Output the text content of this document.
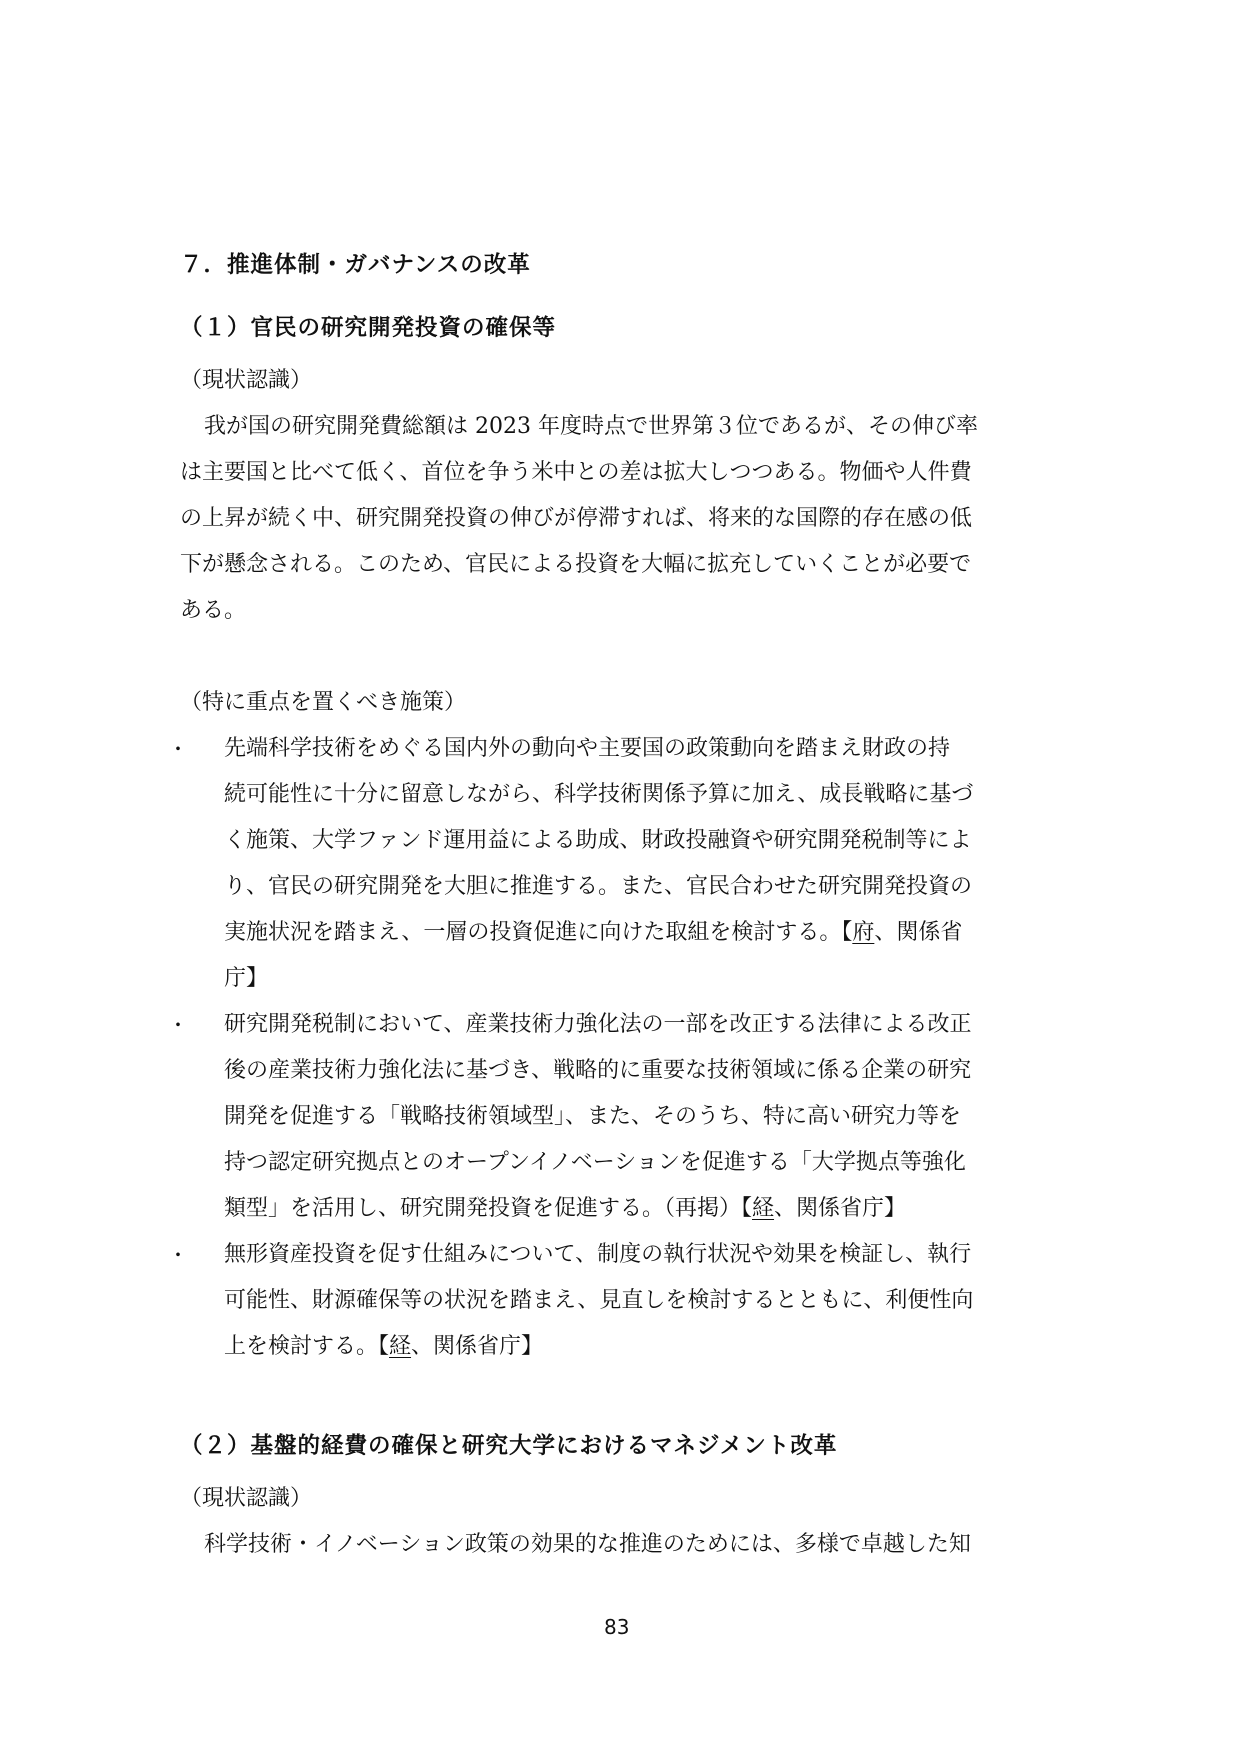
７．推進体制・ガバナンスの改革
（１）官民の研究開発投資の確保等
（現状認識）
我が国の研究開発費総額は 2023 年度時点で世界第３位であるが、その伸び率
は主要国と比べて低く、首位を争う米中との差は拡大しつつある。物価や人件費
の上昇が続く中、研究開発投資の伸びが停滞すれば、将来的な国際的存在感の低
下が懸念される。このため、官民による投資を大幅に拡充していくことが必要で
ある。
（特に重点を置くべき施策）
・ 先端科学技術をめぐる国内外の動向や主要国の政策動向を踏まえ財政の持
続可能性に十分に留意しながら、科学技術関係予算に加え、成長戦略に基づ
く施策、大学ファンド運用益による助成、財政投融資や研究開発税制等によ
り、官民の研究開発を大胆に推進する。また、官民合わせた研究開発投資の
実施状況を踏まえ、一層の投資促進に向けた取組を検討する。【府、関係省
庁】
・ 研究開発税制において、産業技術力強化法の一部を改正する法律による改正
後の産業技術力強化法に基づき、戦略的に重要な技術領域に係る企業の研究
開発を促進する「戦略技術領域型」、また、そのうち、特に高い研究力等を
持つ認定研究拠点とのオープンイノベーションを促進する「大学拠点等強化
類型」を活用し、研究開発投資を促進する。（再掲）【経、関係省庁】
・ 無形資産投資を促す仕組みについて、制度の執行状況や効果を検証し、執行
可能性、財源確保等の状況を踏まえ、見直しを検討するとともに、利便性向
上を検討する。【経、関係省庁】
（２）基盤的経費の確保と研究大学におけるマネジメント改革
（現状認識）
科学技術・イノベーション政策の効果的な推進のためには、多様で卓越した知
83
